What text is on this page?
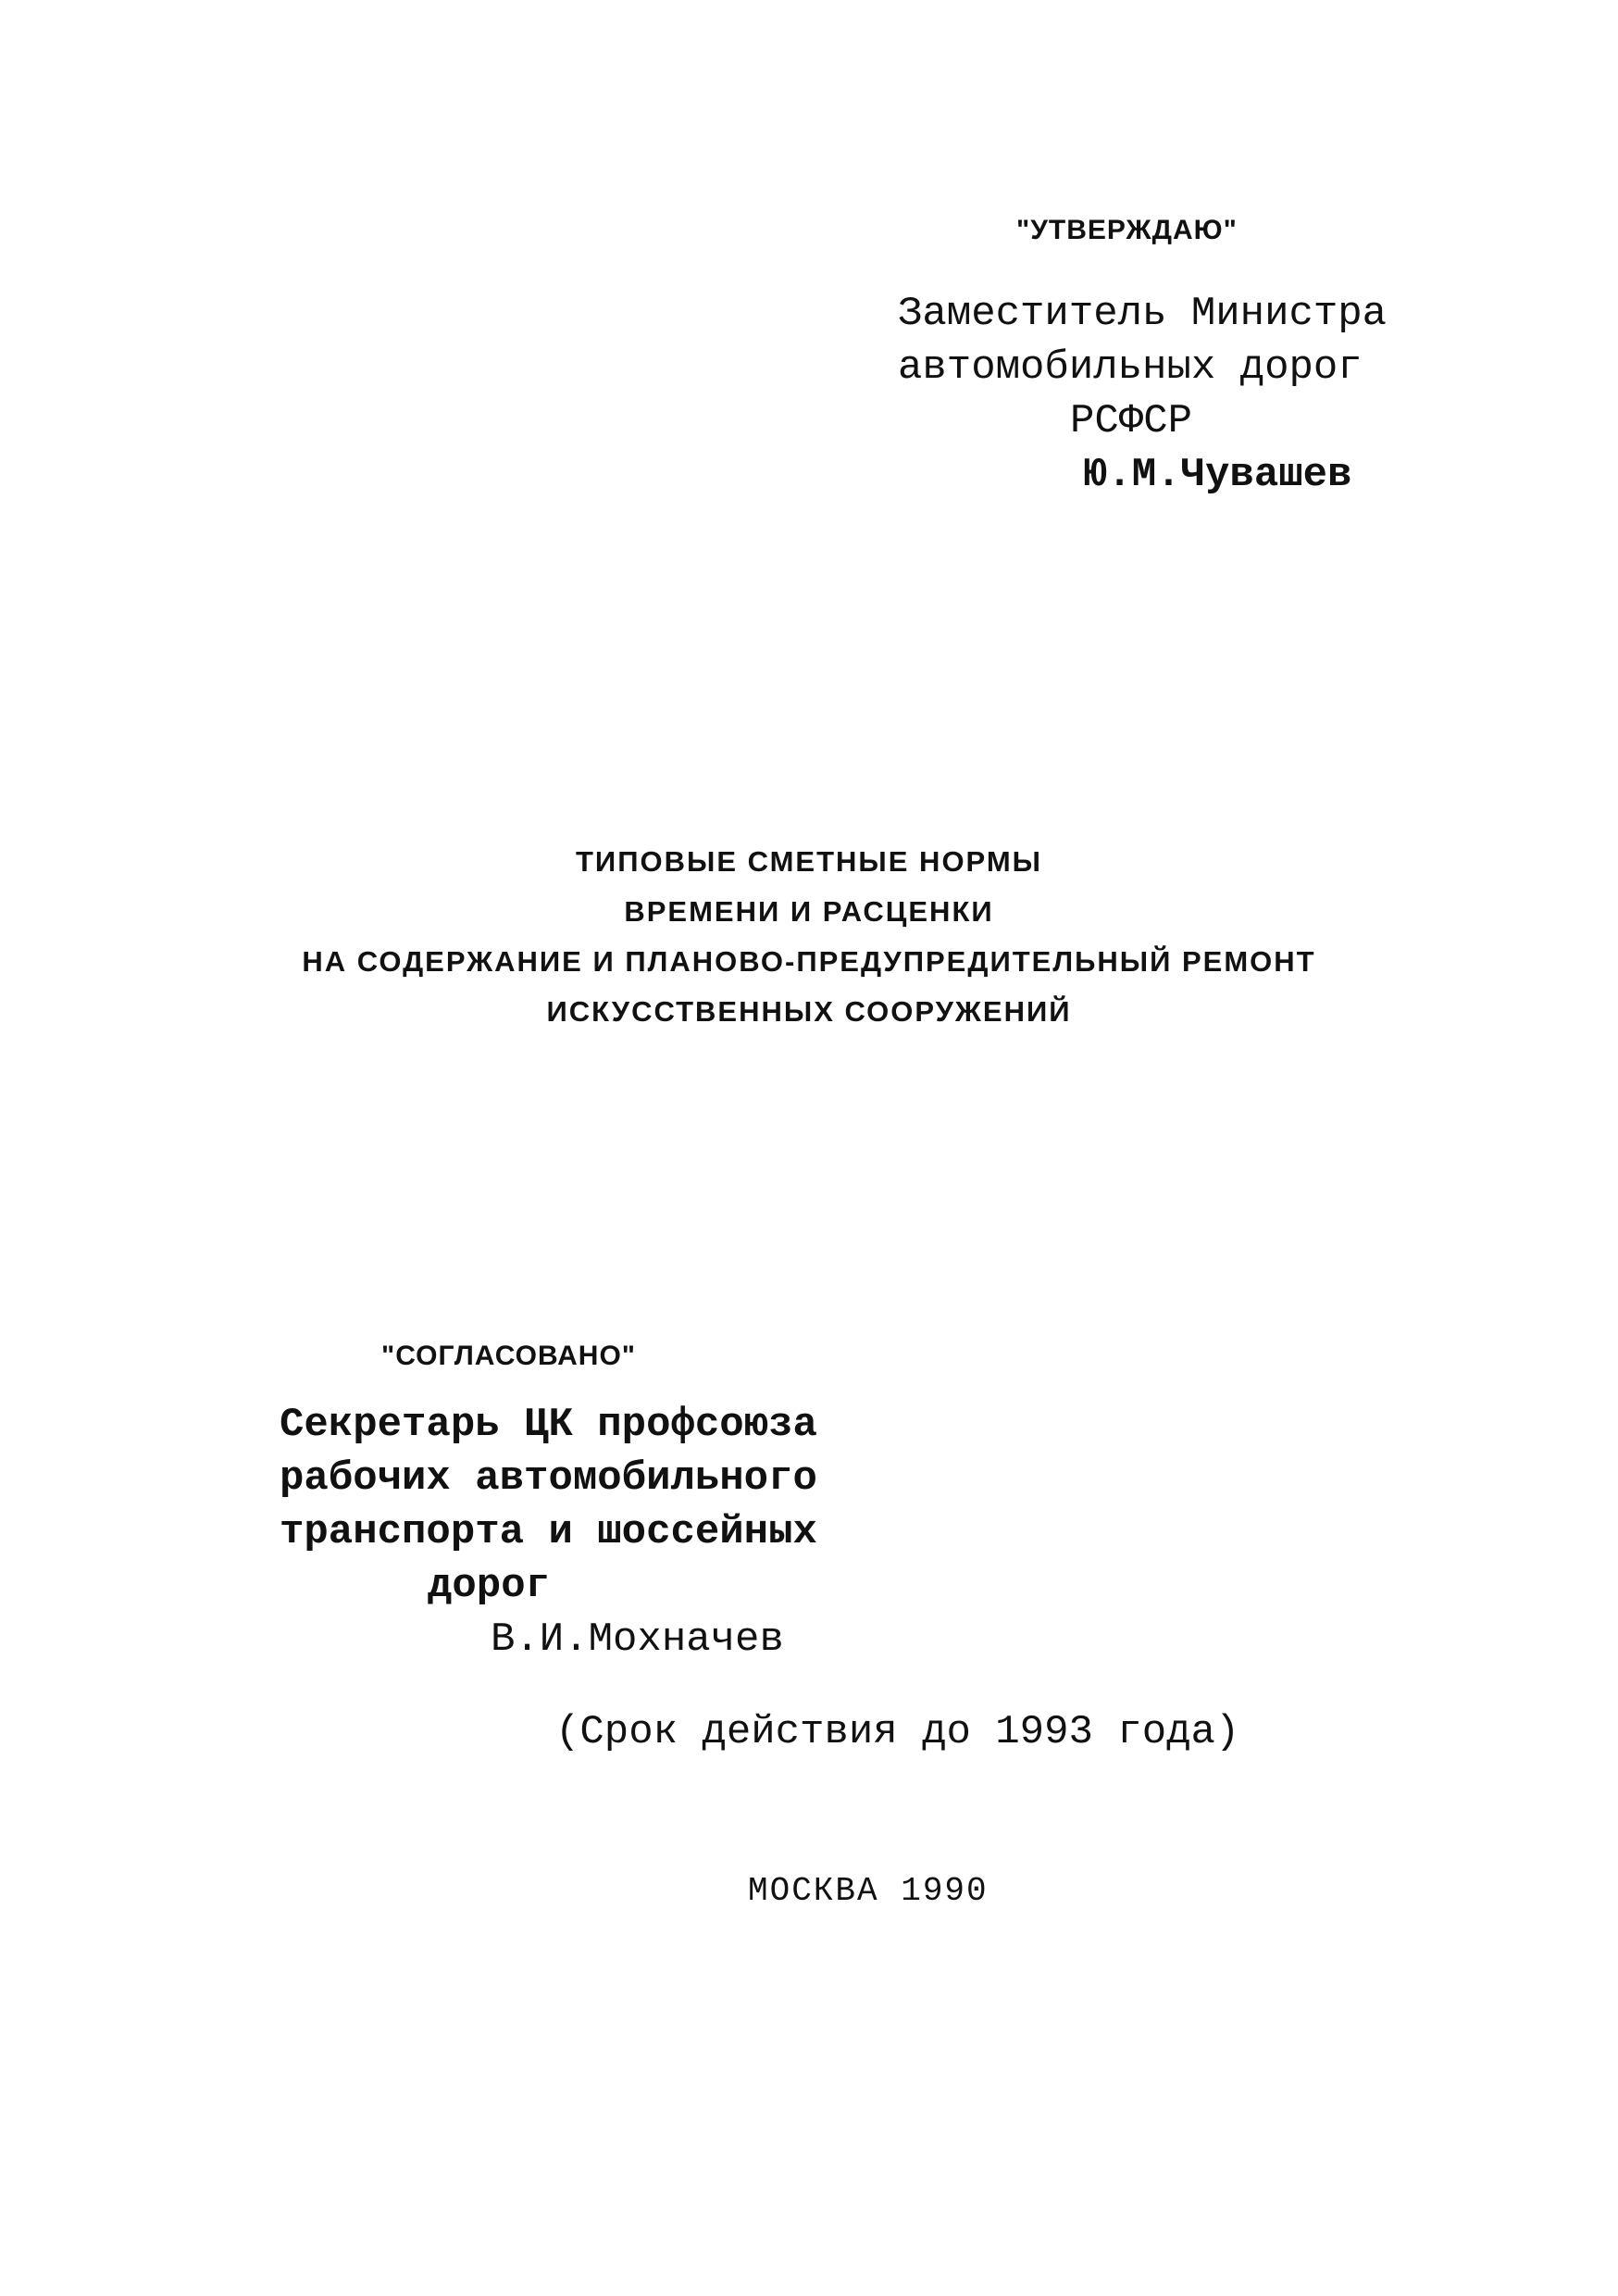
"УТВЕРЖДАЮ"
Заместитель Министра
автомобильных дорог
РСФСР
Ю.М.Чувашев
ТИПОВЫЕ СМЕТНЫЕ НОРМЫ
ВРЕМЕНИ И РАСЦЕНКИ
НА СОДЕРЖАНИЕ И ПЛАНОВО-ПРЕДУПРЕДИТЕЛЬНЫЙ РЕМОНТ
ИСКУССТВЕННЫХ СООРУЖЕНИЙ
"СОГЛАСОВАНО"
Секретарь ЦК профсоюза
рабочих автомобильного
транспорта и шоссейных
дорог
В.И.Мохначев
(Срок действия до 1993 года)
МОСКВА 1990
